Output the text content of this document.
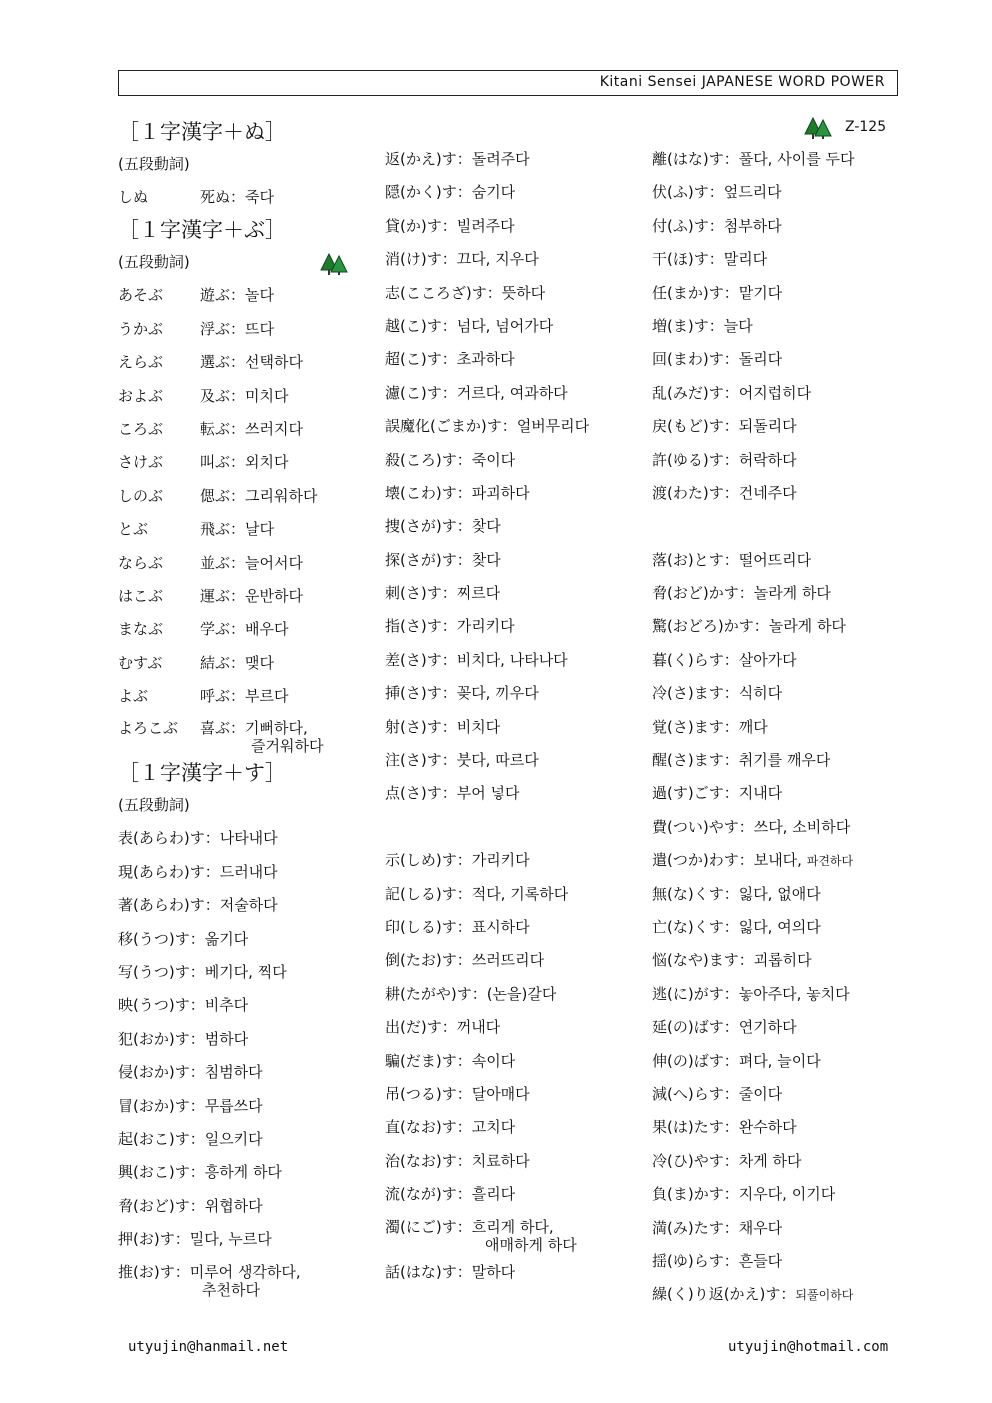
Kitani Sensei JAPANESE WORD POWER
Z-125
［１字漢字＋ぬ］
(五段動詞)
しぬ	死ぬ：죽다
［１字漢字＋ぶ］
(五段動詞)
あそぶ 遊ぶ：놀다
うかぶ 浮ぶ：뜨다
えらぶ 選ぶ：선택하다
およぶ 及ぶ：미치다
ころぶ 転ぶ：쓰러지다
さけぶ 叫ぶ：외치다
しのぶ 偲ぶ：그리워하다
とぶ	飛ぶ：날다
ならぶ 並ぶ：늘어서다
はこぶ 運ぶ：운반하다
まなぶ 学ぶ：배우다
むすぶ	結ぶ：맺다
よぶ	呼ぶ：부르다
よろこぶ 喜ぶ：기뻐하다,
즐거워하다
［１字漢字＋す］
(五段動詞)
表(あらわ)す：나타내다
現(あらわ)す：드러내다
著(あらわ)す：저술하다
移(うつ)す：옮기다
写(うつ)す：베기다, 찍다
映(うつ)す：비추다
犯(おか)す：범하다
侵(おか)す：침범하다
冒(おか)す：무릅쓰다
起(おこ)す：일으키다
興(おこ)す：흥하게 하다
脅(おど)す：위협하다
押(お)す：밀다, 누르다
推(お)す：미루어 생각하다,
추천하다
返(かえ)す：돌려주다
隠(かく)す：숨기다
貸(か)す：빌려주다
消(け)す：끄다, 지우다
志(こころざ)す：뜻하다
越(こ)す：넘다, 넘어가다
超(こ)す：초과하다
濾(こ)す：거르다, 여과하다
誤魔化(ごまか)す：얼버무리다
殺(ころ)す：죽이다
壊(こわ)す：파괴하다
捜(さが)す：찾다
探(さが)す：찾다
刺(さ)す：찌르다
指(さ)す：가리키다
差(さ)す：비치다, 나타나다
挿(さ)す：꽂다, 끼우다
射(さ)す：비치다
注(さ)す：붓다, 따르다
点(さ)す：부어 넣다
示(しめ)す：가리키다
記(しる)す：적다, 기록하다
印(しる)す：표시하다
倒(たお)す：쓰러뜨리다
耕(たがや)す：(논을)갈다
出(だ)す：꺼내다
騙(だま)す：속이다
吊(つる)す：달아매다
直(なお)す：고치다
治(なお)す：치료하다
流(なが)す：흘리다
濁(にご)す：흐리게 하다,
애매하게 하다
話(はな)す：말하다
離(はな)す：풀다, 사이를 두다
伏(ふ)す：엎드리다
付(ふ)す：첨부하다
干(ほ)す：말리다
任(まか)す：맡기다
増(ま)す：늘다
回(まわ)す：돌리다
乱(みだ)す：어지럽히다
戻(もど)す：되돌리다
許(ゆる)す：허락하다
渡(わた)す：건네주다
落(お)とす：떨어뜨리다
脅(おど)かす：놀라게 하다
驚(おどろ)かす：놀라게 하다
暮(く)らす：살아가다
冷(さ)ます：식히다
覚(さ)ます：깨다
醒(さ)ます：취기를 깨우다
過(す)ごす：지내다
費(つい)やす：쓰다, 소비하다
遣(つか)わす：보내다, 파견하다
無(な)くす：잃다, 없애다
亡(な)くす：잃다, 여의다
悩(なや)ます：괴롭히다
逃(に)がす：놓아주다, 놓치다
延(の)ばす：연기하다
伸(の)ばす：펴다, 늘이다
減(へ)らす：줄이다
果(は)たす：완수하다
冷(ひ)やす：차게 하다
負(ま)かす：지우다, 이기다
満(み)たす：채우다
揺(ゆ)らす：흔들다
繰(く)り返(かえ)す：되풀이하다
utyujin@hanmail.net	utyujin@hotmail.com
